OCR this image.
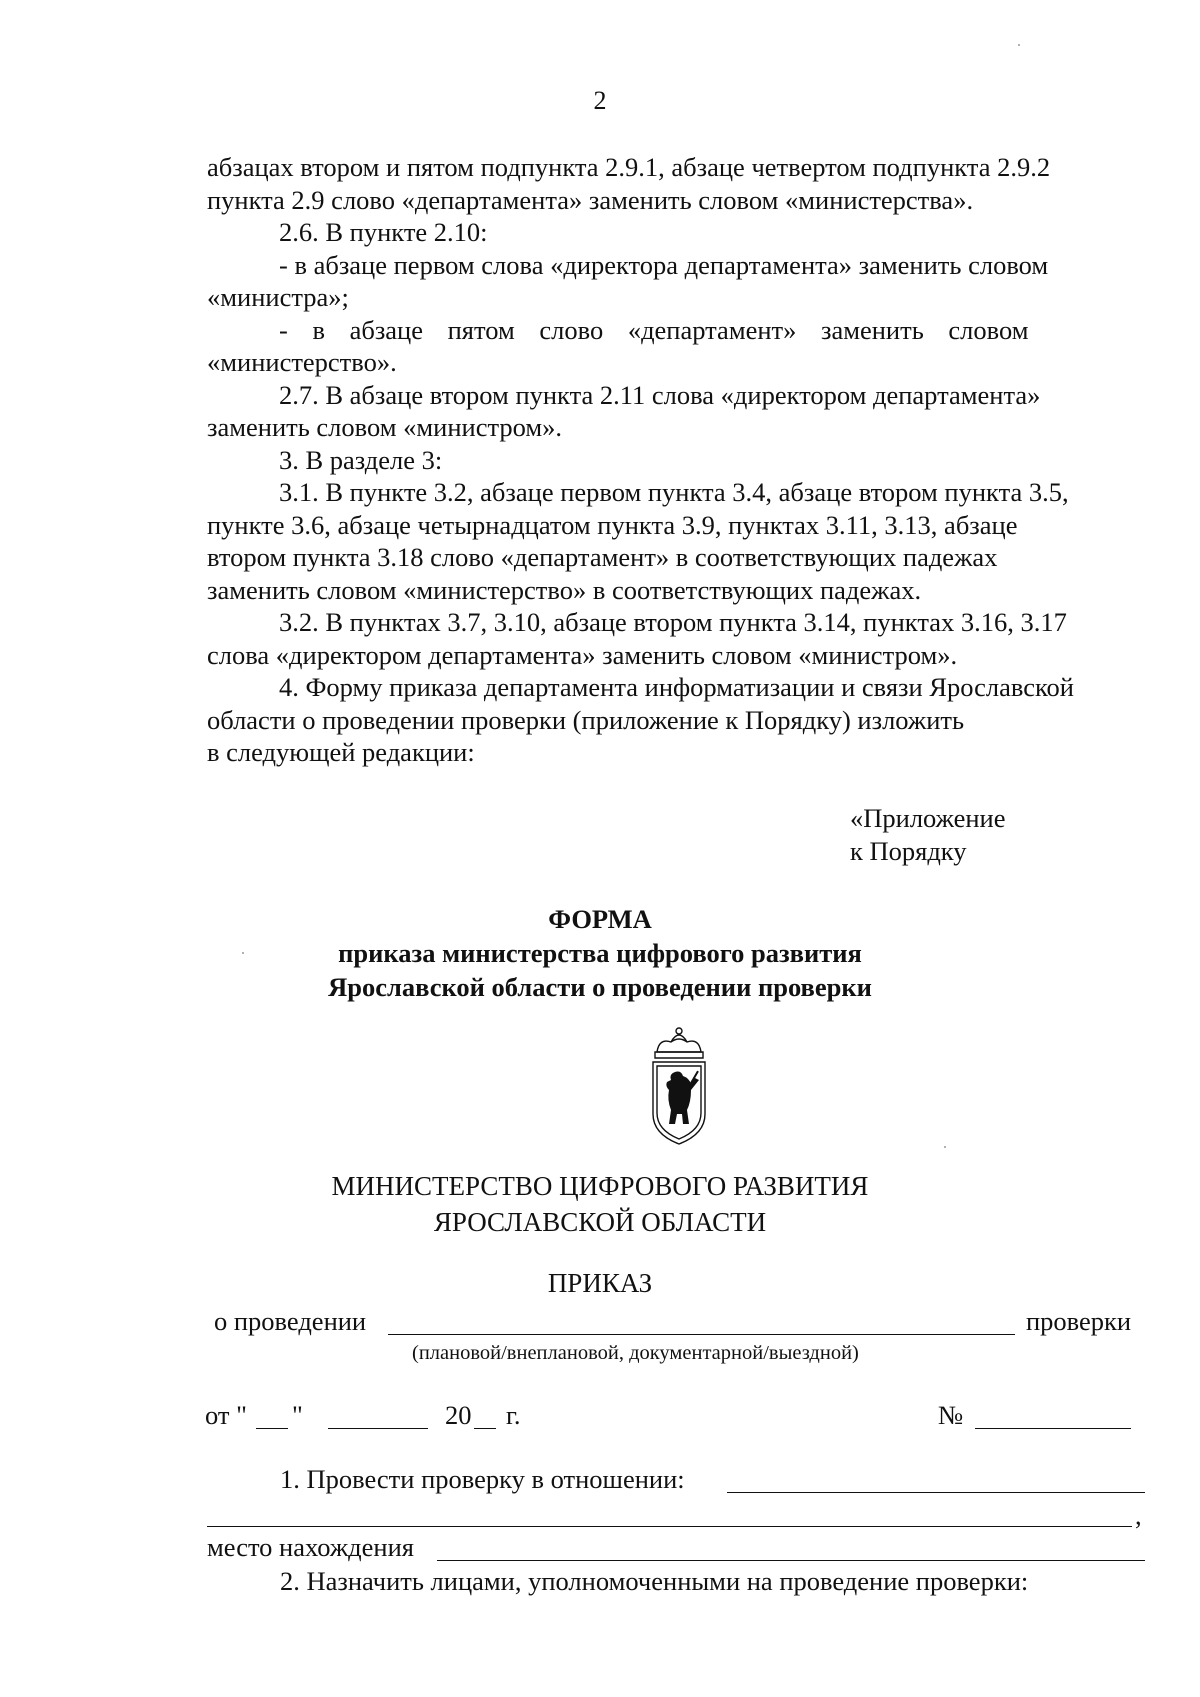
2

абзацах втором и пятом подпункта 2.9.1, абзаце четвертом подпункта 2.9.2

пункта 2.9 слово «департамента» заменить словом «министерства».

2.6. В пункте 2.10:

- в абзаце первом слова «директора департамента» заменить словом

«министра»;

- в абзаце пятом слово «департамент» заменить словом

«министерство».

2.7. В абзаце втором пункта 2.11 слова «директором департамента»

заменить словом «министром».

3. В разделе 3:

3.1. В пункте 3.2, абзаце первом пункта 3.4, абзаце втором пункта 3.5,

пункте 3.6, абзаце четырнадцатом пункта 3.9, пунктах 3.11, 3.13, абзаце

втором пункта 3.18 слово «департамент» в соответствующих падежах

заменить словом «министерство» в соответствующих падежах.

3.2. В пунктах 3.7, 3.10, абзаце втором пункта 3.14, пунктах 3.16, 3.17

слова «директором департамента» заменить словом «министром».

4. Форму приказа департамента информатизации и связи Ярославской

области о проведении проверки (приложение к Порядку) изложить

в следующей редакции:

«Приложение
к Порядку
ФОРМА
приказа министерства цифрового развития
Ярославской области о проведении проверки
МИНИСТЕРСТВО ЦИФРОВОГО РАЗВИТИЯ
ЯРОСЛАВСКОЙ ОБЛАСТИ
ПРИКАЗ
о проведении	проверки
(плановой/внеплановой, документарной/выездной)
от " "	20 г.	№
1. Провести проверку в отношении:
,
место нахождения
2. Назначить лицами, уполномоченными на проведение проверки:
